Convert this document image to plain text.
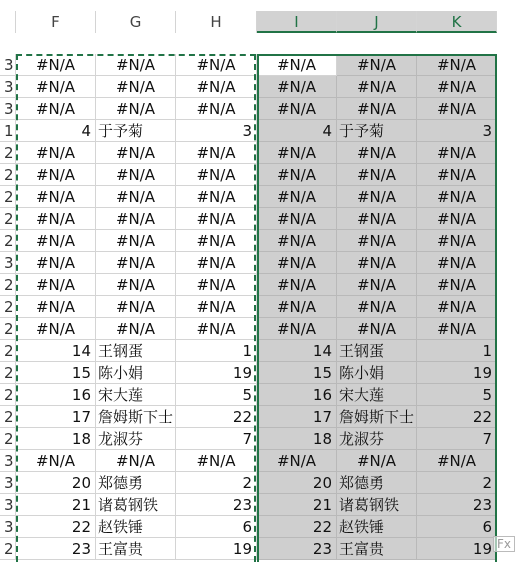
F	G	H	I	J	K
3	#N/A	#N/A	#N/A	#N/A	#N/A	#N/A
3	#N/A	#N/A	#N/A	#N/A	#N/A	#N/A
3	#N/A	#N/A	#N/A	#N/A	#N/A	#N/A
1	4 于予菊	3	4 于予菊	3
2	#N/A	#N/A	#N/A	#N/A	#N/A	#N/A
2	#N/A	#N/A	#N/A	#N/A	#N/A	#N/A
2	#N/A	#N/A	#N/A	#N/A	#N/A	#N/A
2	#N/A	#N/A	#N/A	#N/A	#N/A	#N/A
2	#N/A	#N/A	#N/A	#N/A	#N/A	#N/A
3	#N/A	#N/A	#N/A	#N/A	#N/A	#N/A
2	#N/A	#N/A	#N/A	#N/A	#N/A	#N/A
2	#N/A	#N/A	#N/A	#N/A	#N/A	#N/A
2	#N/A	#N/A	#N/A	#N/A	#N/A	#N/A
2	14 王钢蛋	1	14 王钢蛋	1
2	15 陈小娟	19	15 陈小娟	19
2	16 宋大莲	5	16 宋大莲	5
2	17 詹姆斯下士	22	17 詹姆斯下士	22
2	18 龙淑芬	7	18 龙淑芬	7
3	#N/A	#N/A	#N/A	#N/A	#N/A	#N/A
3	20 郑德勇	2	20 郑德勇	2
3	21 诸葛钢铁	23	21 诸葛钢铁	23
3	22 赵铁锤	6	22 赵铁锤	6
2	23 王富贵	19	23 王富贵	19 Fx
